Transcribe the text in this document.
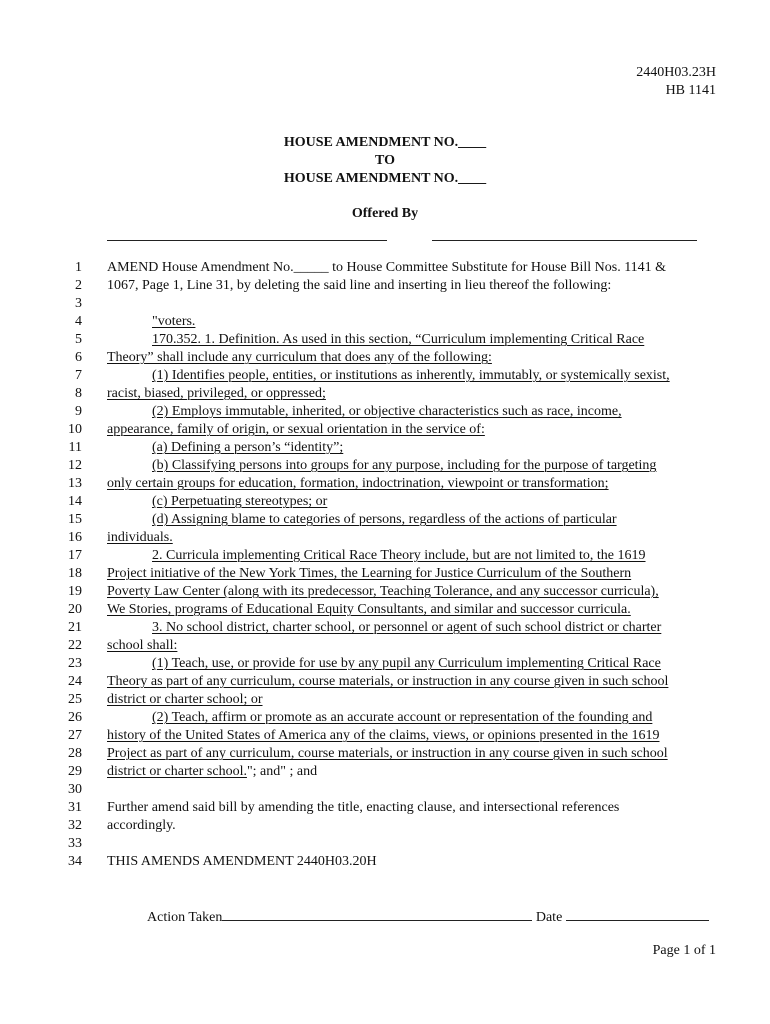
2440H03.23H
HB 1141
HOUSE AMENDMENT NO.____
TO
HOUSE AMENDMENT NO.____
Offered By
1 AMEND House Amendment No._____ to House Committee Substitute for House Bill Nos. 1141 &
2 1067, Page 1, Line 31, by deleting the said line and inserting in lieu thereof the following:
3
4	"voters.
5	170.352. 1. Definition. As used in this section, “Curriculum implementing Critical Race
6 Theory” shall include any curriculum that does any of the following:
7	(1) Identifies people, entities, or institutions as inherently, immutably, or systemically sexist,
8 racist, biased, privileged, or oppressed;
9	(2) Employs immutable, inherited, or objective characteristics such as race, income,
10 appearance, family of origin, or sexual orientation in the service of:
11	(a) Defining a person’s “identity”;
12	(b) Classifying persons into groups for any purpose, including for the purpose of targeting
13 only certain groups for education, formation, indoctrination, viewpoint or transformation;
14	(c) Perpetuating stereotypes; or
15	(d) Assigning blame to categories of persons, regardless of the actions of particular
16 individuals.
17	2. Curricula implementing Critical Race Theory include, but are not limited to, the 1619
18 Project initiative of the New York Times, the Learning for Justice Curriculum of the Southern
19 Poverty Law Center (along with its predecessor, Teaching Tolerance, and any successor curricula),
20 We Stories, programs of Educational Equity Consultants, and similar and successor curricula.
21	3. No school district, charter school, or personnel or agent of such school district or charter
22 school shall:
23	(1) Teach, use, or provide for use by any pupil any Curriculum implementing Critical Race
24 Theory as part of any curriculum, course materials, or instruction in any course given in such school
25 district or charter school; or
26	(2) Teach, affirm or promote as an accurate account or representation of the founding and
27 history of the United States of America any of the claims, views, or opinions presented in the 1619
28 Project as part of any curriculum, course materials, or instruction in any course given in such school
29 district or charter school."; and" ; and
30
31 Further amend said bill by amending the title, enacting clause, and intersectional references
32 accordingly.
33
34 THIS AMENDS AMENDMENT 2440H03.20H
Action Taken	Date
Page 1 of 1
